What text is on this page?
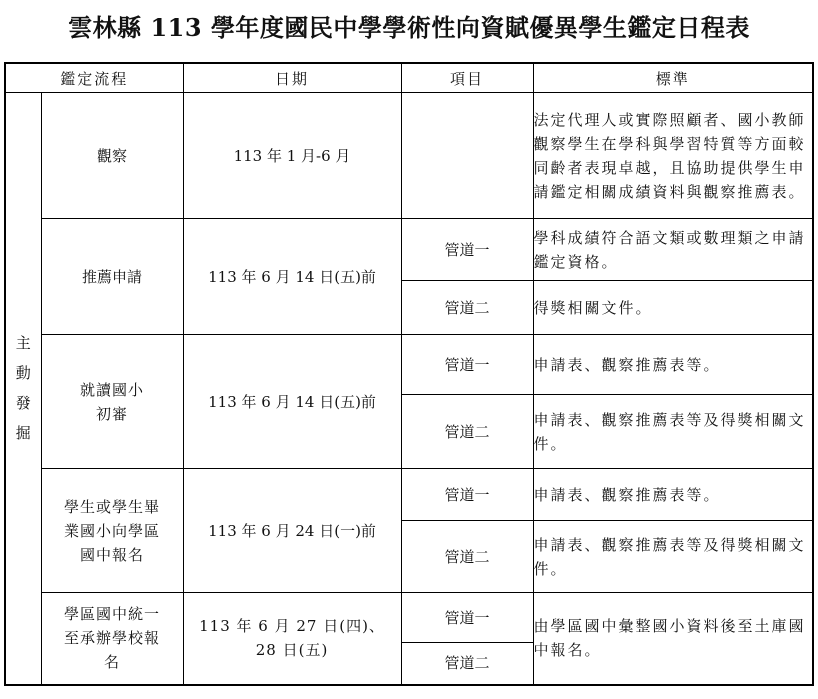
雲林縣 113 學年度國民中學學術性向資賦優異學生鑑定日程表
鑑定流程		日期	項目	標準

主
動
發
掘	觀察	113 年 1 月-6 月		法定代理人或實際照顧者、國小教師觀察學生在學科與學習特質等方面較同齡者表現卓越，且協助提供學生申請鑑定相關成績資料與觀察推薦表。
	推薦申請	113 年 6 月 14 日(五)前	管道一	學科成績符合語文類或數理類之申請鑑定資格。
			管道二	得獎相關文件。
	就讀國小
初審	113 年 6 月 14 日(五)前	管道一	申請表、觀察推薦表等。
			管道二	申請表、觀察推薦表等及得獎相關文件。
	學生或學生畢
業國小向學區
國中報名	113 年 6 月 24 日(一)前	管道一	申請表、觀察推薦表等。
			管道二	申請表、觀察推薦表等及得獎相關文件。
	學區國中統一
至承辦學校報
名	113 年 6 月 27 日(四)、
28 日(五)	管道一	由學區國中彙整國小資料後至土庫國中報名。
			管道二	
